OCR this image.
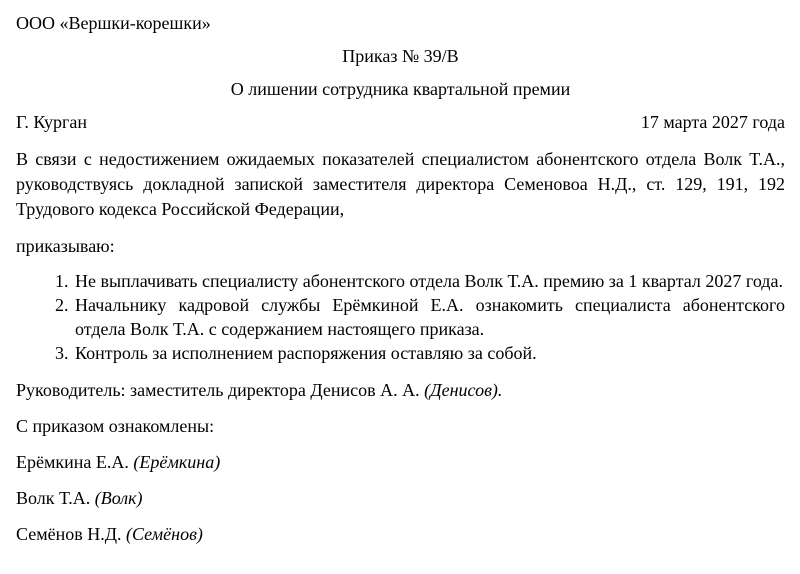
ООО «Вершки-корешки»

Приказ № 39/В

О лишении сотрудника квартальной премии

Г. Курган	17 марта 2027 года

В связи с недостижением ожидаемых показателей специалистом абонентского отдела Волк Т.А., руководствуясь докладной запиской заместителя директора Семеновоа Н.Д., ст. 129, 191, 192 Трудового кодекса Российской Федерации,

приказываю:

1. Не выплачивать специалисту абонентского отдела Волк Т.А. премию за 1 квартал 2027 года.
2. Начальнику кадровой службы Ерёмкиной Е.А. ознакомить специалиста абонентского отдела Волк Т.А. с содержанием настоящего приказа.
3. Контроль за исполнением распоряжения оставляю за собой.

Руководитель: заместитель директора Денисов А. А. (Денисов).

С приказом ознакомлены:

Ерёмкина Е.А. (Ерёмкина)

Волк Т.А. (Волк)

Семёнов Н.Д. (Семёнов)
